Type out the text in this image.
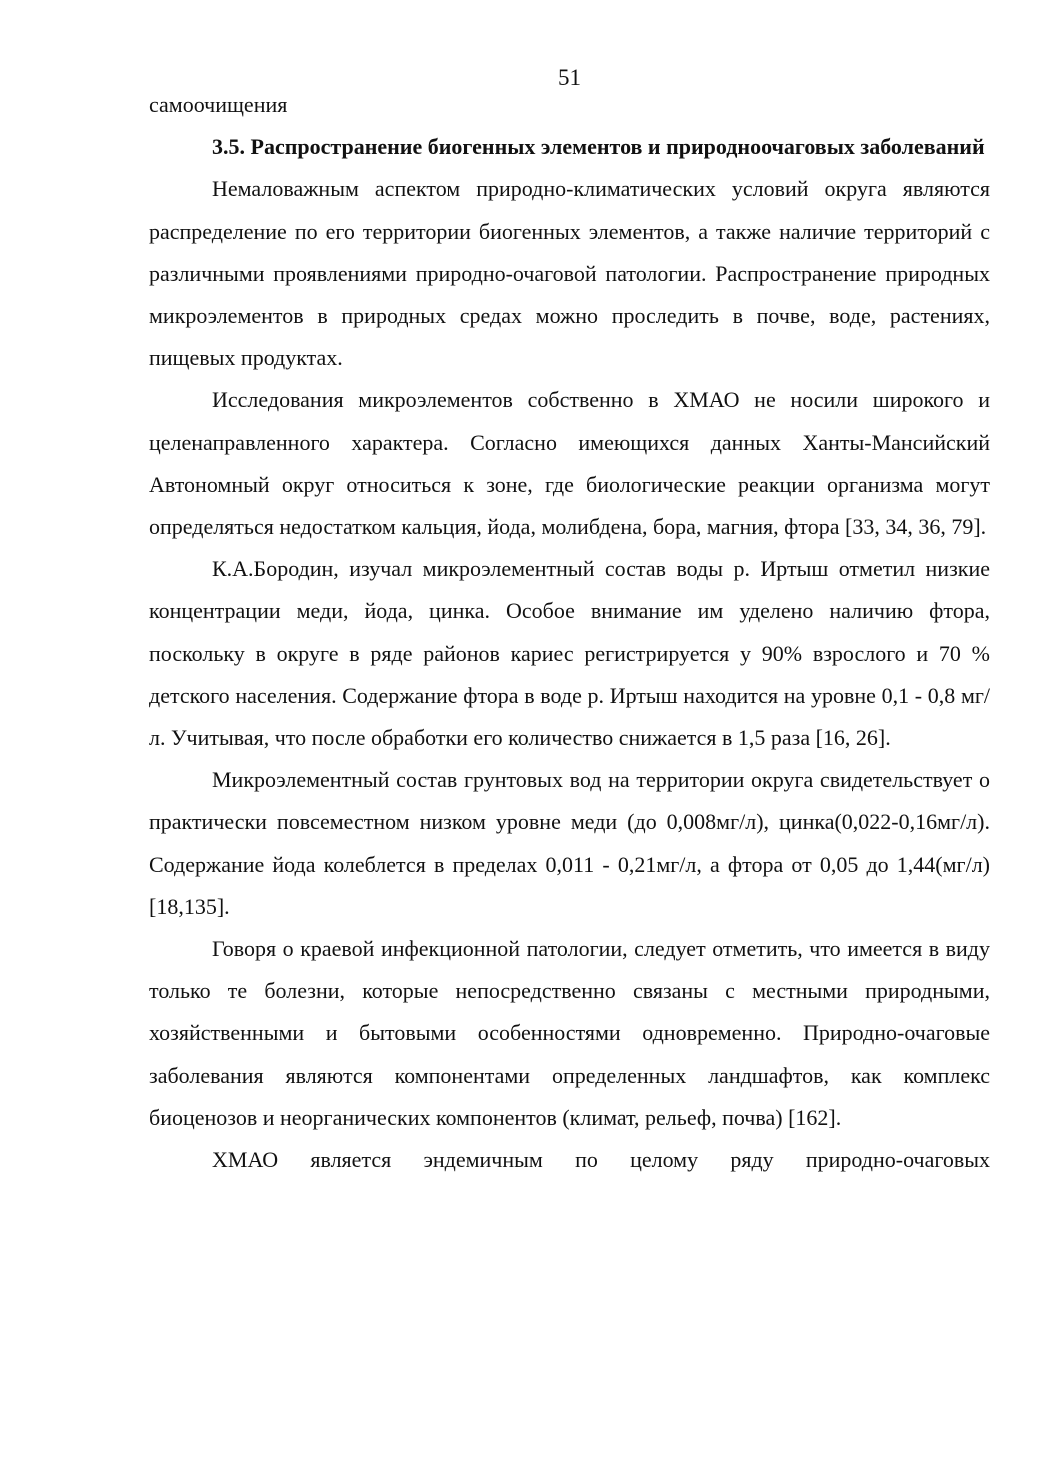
51

самоочищения

3.5. Распространение биогенных элементов и природноочаговых заболеваний

Немаловажным аспектом природно-климатических условий округа являются распределение по его территории биогенных элементов, а также наличие территорий с различными проявлениями природно-очаговой патологии. Распространение природных микроэлементов в природных средах можно проследить в почве, воде, растениях, пищевых продуктах.

Исследования микроэлементов собственно в ХМАО не носили широкого и целенаправленного характера. Согласно имеющихся данных Ханты-Мансийский Автономный округ относиться к зоне, где биологические реакции организма могут определяться недостатком кальция, йода, молибдена, бора, магния, фтора [33, 34, 36, 79].

К.А.Бородин, изучал микроэлементный состав воды р. Иртыш отметил низкие концентрации меди, йода, цинка. Особое внимание им уделено наличию фтора, поскольку в округе в ряде районов кариес регистрируется у 90% взрослого и 70 % детского населения. Содержание фтора в воде р. Иртыш находится на уровне 0,1 - 0,8 мг/л. Учитывая, что после обработки его количество снижается в 1,5 раза [16, 26].

Микроэлементный состав грунтовых вод на территории округа свидетельствует о практически повсеместном низком уровне меди (до 0,008мг/л), цинка(0,022-0,16мг/л). Содержание йода колеблется в пределах 0,011 - 0,21мг/л, а фтора от 0,05 до 1,44(мг/л) [18,135].

Говоря о краевой инфекционной патологии, следует отметить, что имеется в виду только те болезни, которые непосредственно связаны с местными природными, хозяйственными и бытовыми особенностями одновременно. Природно-очаговые заболевания являются компонентами определенных ландшафтов, как комплекс биоценозов и неорганических компонентов (климат, рельеф, почва) [162].

ХМАО является эндемичным по целому ряду природно-очаговых
